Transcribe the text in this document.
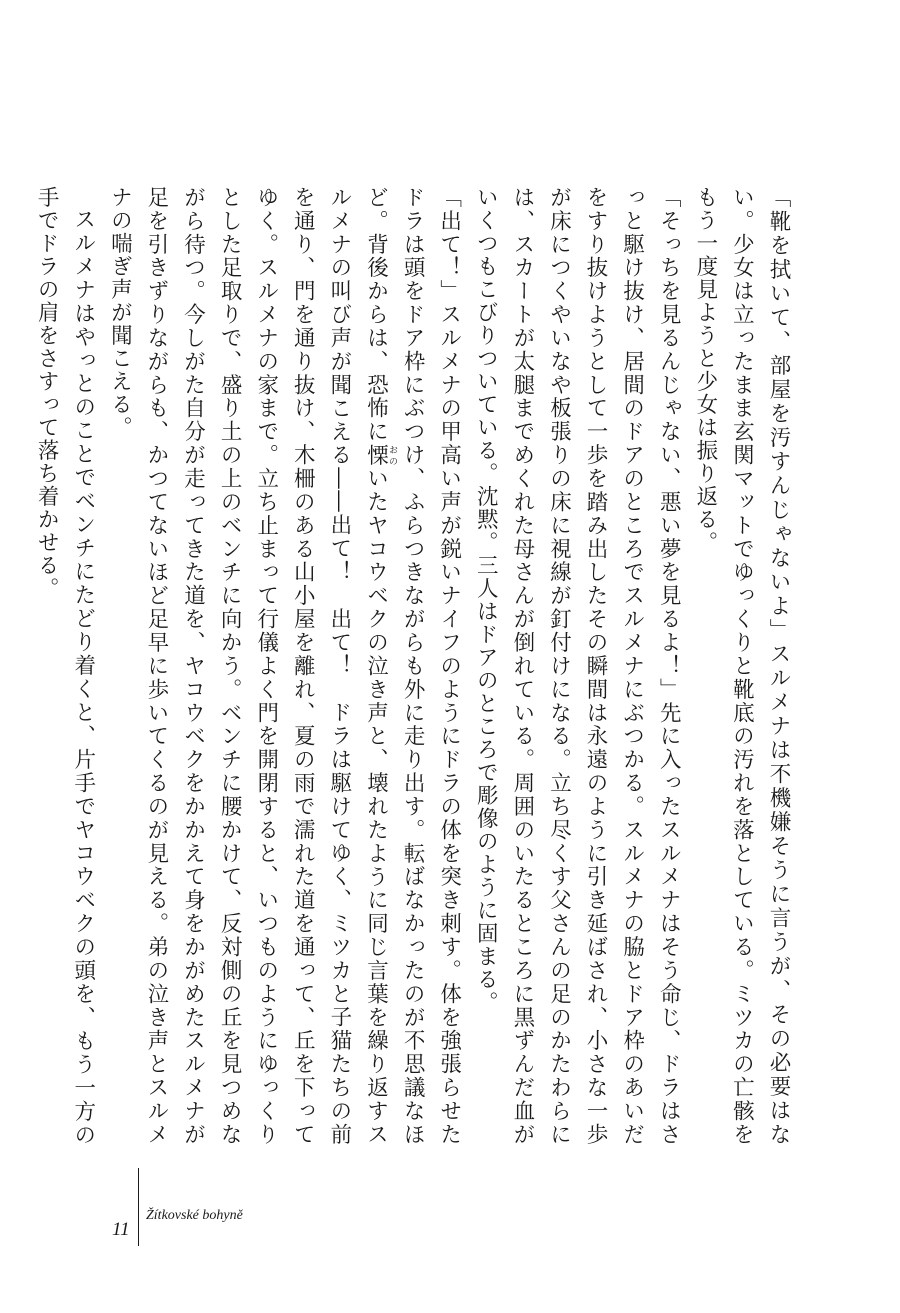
「靴を拭いて、部屋を汚すんじゃないよ」スルメナは不機嫌そうに言うが、その必要はない。少女は立ったまま玄関マットでゆっくりと靴底の汚れを落としている。ミツカの亡骸をもう一度見ようと少女は振り返る。

「そっちを見るんじゃない、悪い夢を見るよ！」先に入ったスルメナはそう命じ、ドラはさっと駆け抜け、居間のドアのところでスルメナにぶつかる。スルメナの脇とドア枠のあいだをすり抜けようとして一歩を踏み出したその瞬間は永遠のように引き延ばされ、小さな一歩が床につくやいなや板張りの床に視線が釘付けになる。立ち尽くす父さんの足のかたわらには、スカートが太腿までめくれた母さんが倒れている。周囲のいたるところに黒ずんだ血がいくつもこびりついている。沈黙。三人はドアのところで彫像のように固まる。

「出て！」スルメナの甲高い声が鋭いナイフのようにドラの体を突き刺す。体を強張らせたドラは頭をドア枠にぶつけ、ふらつきながらも外に走り出す。転ばなかったのが不思議なほど。背後からは、恐怖に慄おのいたヤコウベクの泣き声と、壊れたように同じ言葉を繰り返すスルメナの叫び声が聞こえる――出て！　出て！　ドラは駆けてゆく、ミツカと子猫たちの前を通り、門を通り抜け、木柵のある山小屋を離れ、夏の雨で濡れた道を通って、丘を下ってゆく。スルメナの家まで。立ち止まって行儀よく門を開閉すると、いつものようにゆっくりとした足取りで、盛り土の上のベンチに向かう。ベンチに腰かけて、反対側の丘を見つめながら待つ。今しがた自分が走ってきた道を、ヤコウベクをかかえて身をかがめたスルメナが足を引きずりながらも、かつてないほど足早に歩いてくるのが見える。弟の泣き声とスルメナの喘ぎ声が聞こえる。

スルメナはやっとのことでベンチにたどり着くと、片手でヤコウベクの頭を、もう一方の手でドラの肩をさすって落ち着かせる。

11
Žítkovské bohyně
